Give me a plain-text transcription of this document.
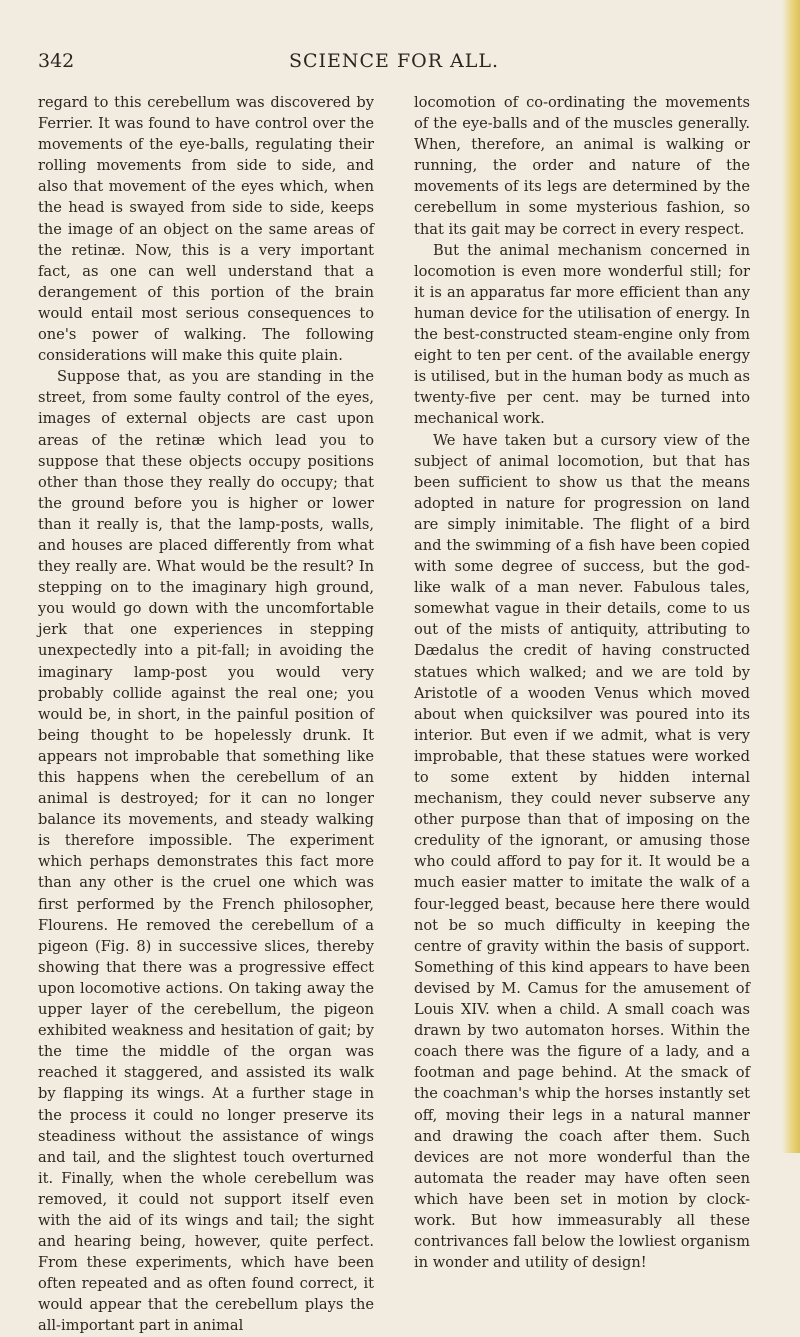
342	SCIENCE FOR ALL.

regard to this cerebellum was discovered by Ferrier. It was found to have control over the movements of the eye-balls, regulating their rolling movements from side to side, and also that movement of the eyes which, when the head is swayed from side to side, keeps the image of an object on the same areas of the retinæ. Now, this is a very important fact, as one can well understand that a derangement of this portion of the brain would entail most serious consequences to one's power of walking. The following considerations will make this quite plain.

Suppose that, as you are standing in the street, from some faulty control of the eyes, images of external objects are cast upon areas of the retinæ which lead you to suppose that these objects occupy positions other than those they really do occupy; that the ground before you is higher or lower than it really is, that the lamp-posts, walls, and houses are placed differently from what they really are. What would be the result? In stepping on to the imaginary high ground, you would go down with the uncomfortable jerk that one experiences in stepping unexpectedly into a pit-fall; in avoiding the imaginary lamp-post you would very probably collide against the real one; you would be, in short, in the painful position of being thought to be hopelessly drunk. It appears not improbable that something like this happens when the cerebellum of an animal is destroyed; for it can no longer balance its movements, and steady walking is therefore impossible. The experiment which perhaps demonstrates this fact more than any other is the cruel one which was first performed by the French philosopher, Flourens. He removed the cerebellum of a pigeon (Fig. 8) in successive slices, thereby showing that there was a progressive effect upon locomotive actions. On taking away the upper layer of the cerebellum, the pigeon exhibited weakness and hesitation of gait; by the time the middle of the organ was reached it staggered, and assisted its walk by flapping its wings. At a further stage in the process it could no longer preserve its steadiness without the assistance of wings and tail, and the slightest touch overturned it. Finally, when the whole cerebellum was removed, it could not support itself even with the aid of its wings and tail; the sight and hearing being, however, quite perfect. From these experiments, which have been often repeated and as often found correct, it would appear that the cerebellum plays the all-important part in animal

locomotion of co-ordinating the movements of the eye-balls and of the muscles generally. When, therefore, an animal is walking or running, the order and nature of the movements of its legs are determined by the cerebellum in some mysterious fashion, so that its gait may be correct in every respect.

But the animal mechanism concerned in locomotion is even more wonderful still; for it is an apparatus far more efficient than any human device for the utilisation of energy. In the best-constructed steam-engine only from eight to ten per cent. of the available energy is utilised, but in the human body as much as twenty-five per cent. may be turned into mechanical work.

We have taken but a cursory view of the subject of animal locomotion, but that has been sufficient to show us that the means adopted in nature for progression on land are simply inimitable. The flight of a bird and the swimming of a fish have been copied with some degree of success, but the god-like walk of a man never. Fabulous tales, somewhat vague in their details, come to us out of the mists of antiquity, attributing to Dædalus the credit of having constructed statues which walked; and we are told by Aristotle of a wooden Venus which moved about when quicksilver was poured into its interior. But even if we admit, what is very improbable, that these statues were worked to some extent by hidden internal mechanism, they could never subserve any other purpose than that of imposing on the credulity of the ignorant, or amusing those who could afford to pay for it. It would be a much easier matter to imitate the walk of a four-legged beast, because here there would not be so much difficulty in keeping the centre of gravity within the basis of support. Something of this kind appears to have been devised by M. Camus for the amusement of Louis XIV. when a child. A small coach was drawn by two automaton horses. Within the coach there was the figure of a lady, and a footman and page behind. At the smack of the coachman's whip the horses instantly set off, moving their legs in a natural manner and drawing the coach after them. Such devices are not more wonderful than the automata the reader may have often seen which have been set in motion by clock-work. But how immeasurably all these contrivances fall below the lowliest organism in wonder and utility of design!
